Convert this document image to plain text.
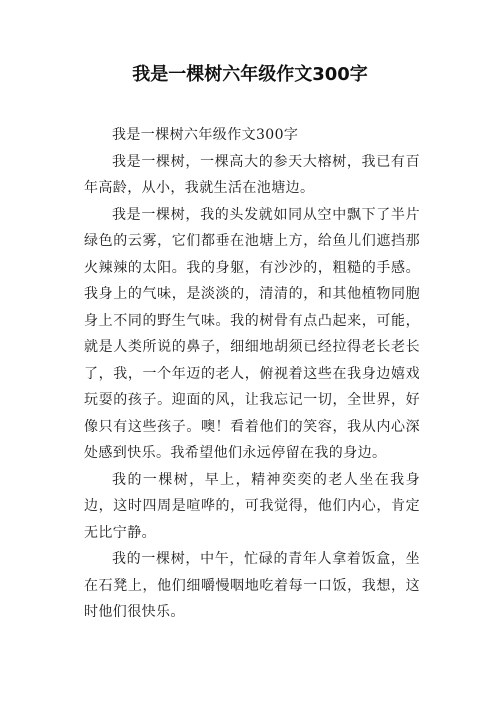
我是一棵树六年级作文300字

我是一棵树六年级作文300字

我是一棵树，一棵高大的参天大榕树，我已有百年高龄，从小，我就生活在池塘边。

我是一棵树，我的头发就如同从空中飘下了半片绿色的云雾，它们都垂在池塘上方，给鱼儿们遮挡那火辣辣的太阳。我的身躯，有沙沙的，粗糙的手感。我身上的气味，是淡淡的，清清的，和其他植物同胞身上不同的野生气味。我的树骨有点凸起来，可能，就是人类所说的鼻子，细细地胡须已经拉得老长老长了，我，一个年迈的老人，俯视着这些在我身边嬉戏玩耍的孩子。迎面的风，让我忘记一切，全世界，好像只有这些孩子。噢！看着他们的笑容，我从内心深处感到快乐。我希望他们永远停留在我的身边。

我的一棵树，早上，精神奕奕的老人坐在我身边，这时四周是喧哗的，可我觉得，他们内心，肯定无比宁静。

我的一棵树，中午，忙碌的青年人拿着饭盒，坐在石凳上，他们细嚼慢咽地吃着每一口饭，我想，这时他们很快乐。
